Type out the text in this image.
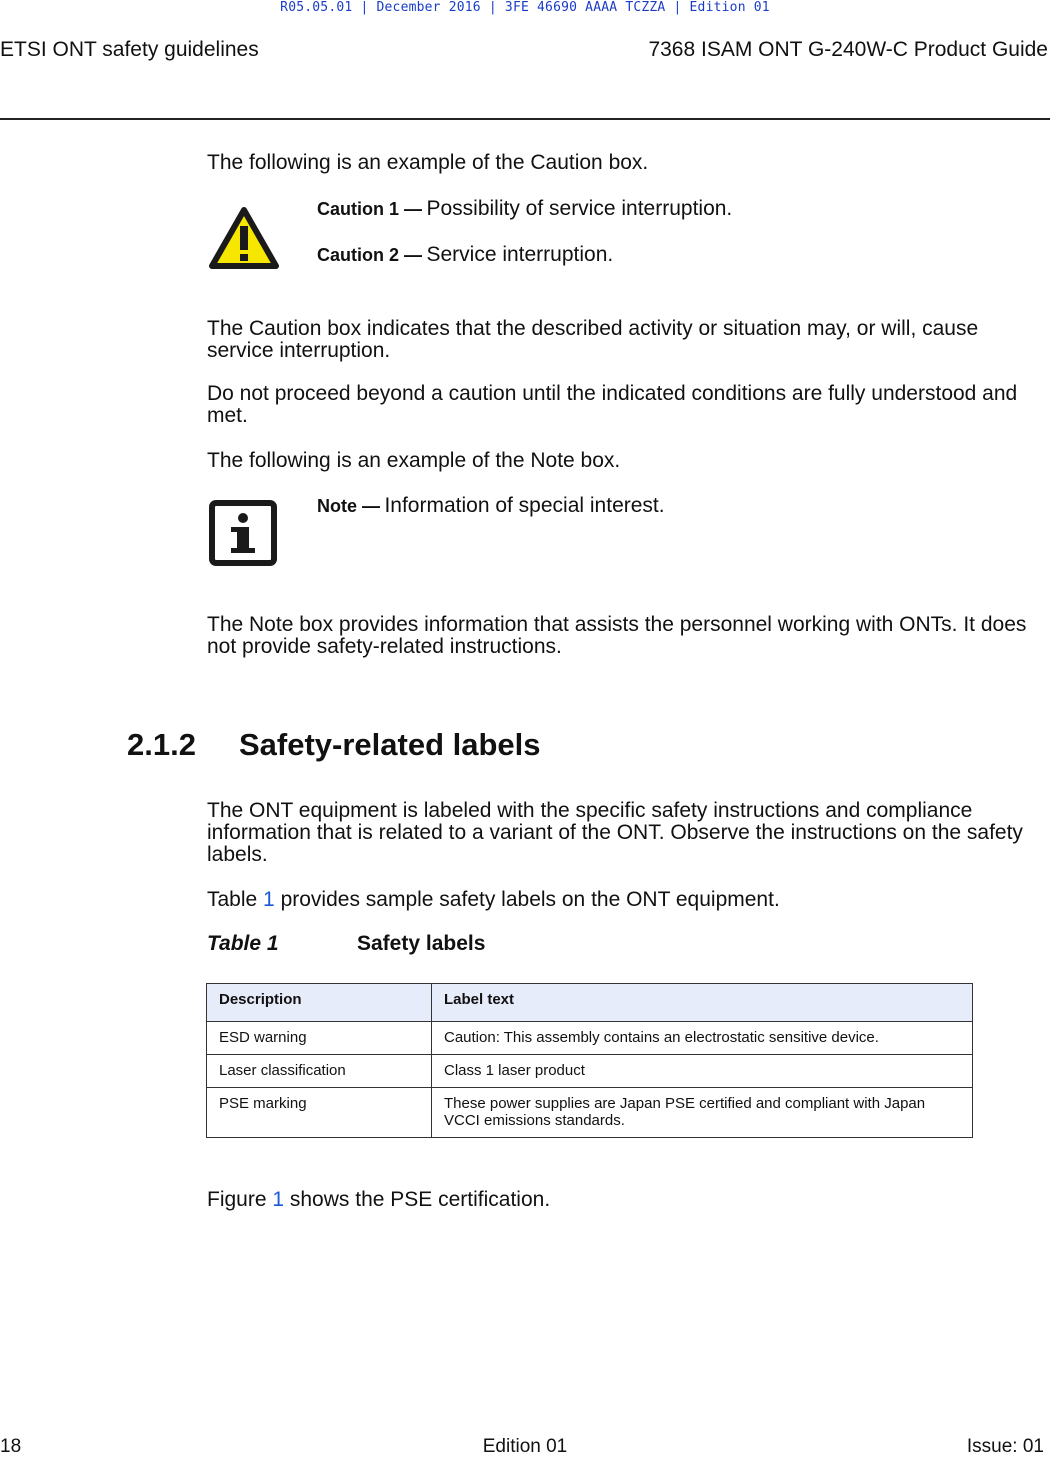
R05.05.01 | December 2016 | 3FE 46690 AAAA TCZZA | Edition 01
ETSI ONT safety guidelines	7368 ISAM ONT G-240W-C Product Guide

The following is an example of the Caution box.

Caution 1 — Possibility of service interruption.
Caution 2 — Service interruption.

The Caution box indicates that the described activity or situation may, or will, cause service interruption.

Do not proceed beyond a caution until the indicated conditions are fully understood and met.

The following is an example of the Note box.

Note — Information of special interest.

The Note box provides information that assists the personnel working with ONTs. It does not provide safety-related instructions.

2.1.2 Safety-related labels

The ONT equipment is labeled with the specific safety instructions and compliance information that is related to a variant of the ONT. Observe the instructions on the safety labels.

Table 1 provides sample safety labels on the ONT equipment.

Table 1	Safety labels
Description	Label text
ESD warning	Caution: This assembly contains an electrostatic sensitive device.
Laser classification	Class 1 laser product
PSE marking	These power supplies are Japan PSE certified and compliant with Japan VCCI emissions standards.

Figure 1 shows the PSE certification.

18	Edition 01	Issue: 01
